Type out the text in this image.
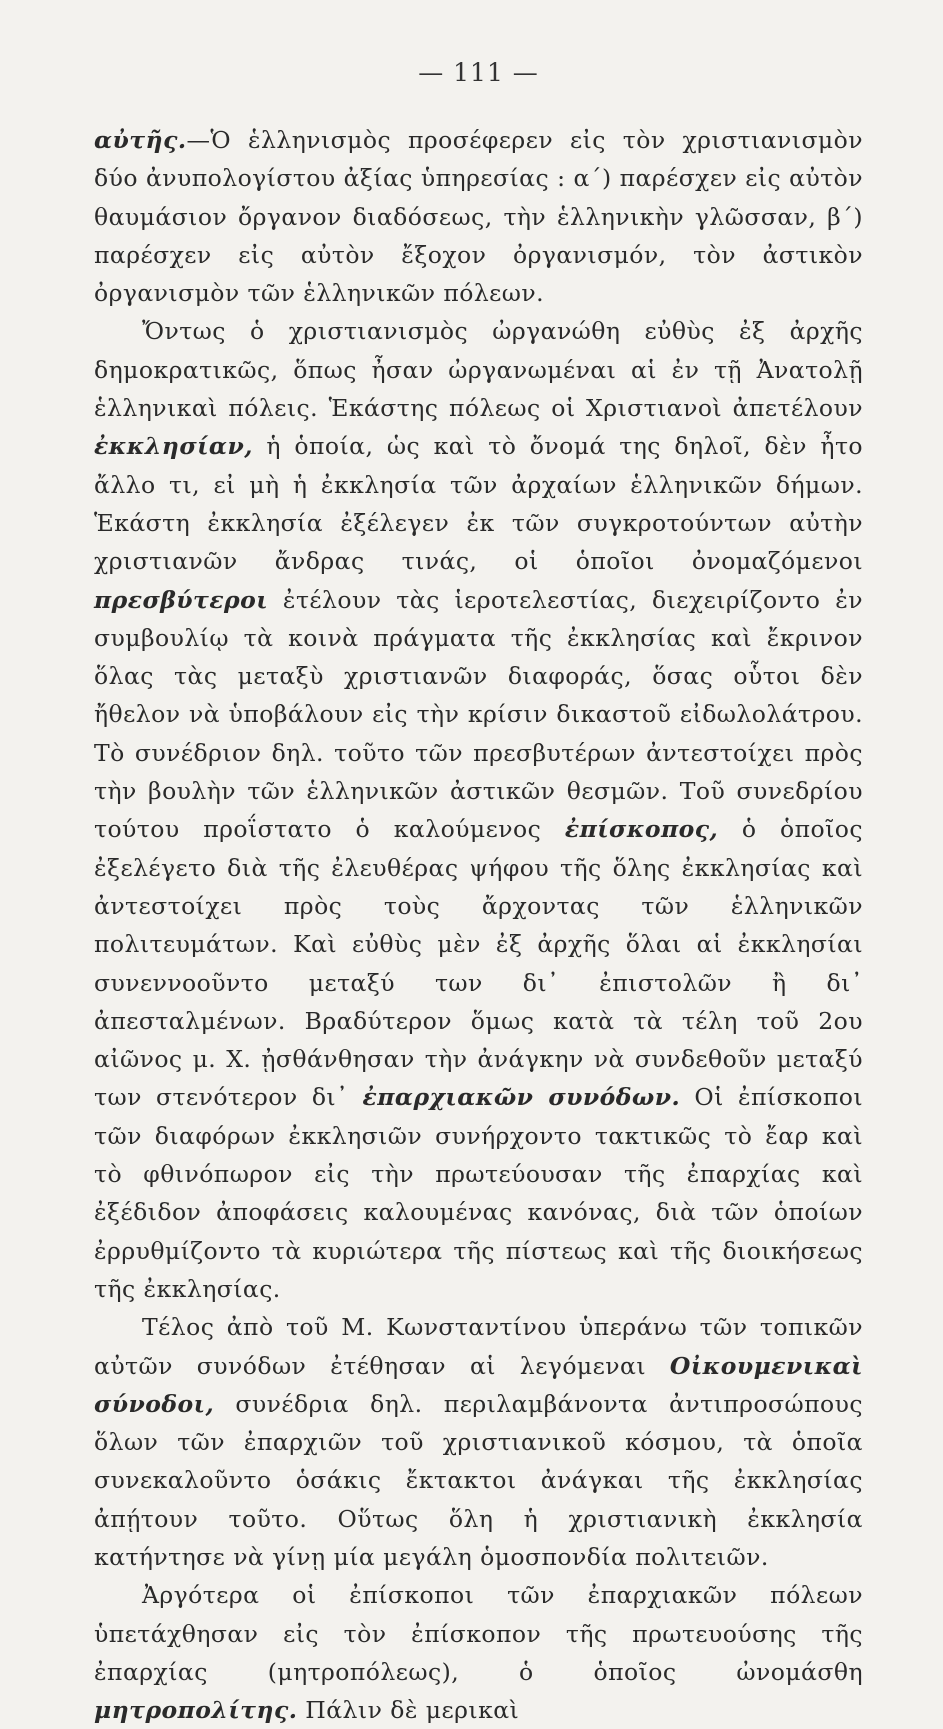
— 111 —

αὐτῆς.—Ὁ ἑλληνισμὸς προσέφερεν εἰς τὸν χριστιανισμὸν δύο ἀνυπολογίστου ἀξίας ὑπηρεσίας : α΄) παρέσχεν εἰς αὐτὸν θαυμάσιον ὄργανον διαδόσεως, τὴν ἑλληνικὴν γλῶσσαν, β΄) παρέσχεν εἰς αὐτὸν ἔξοχον ὀργανισμόν, τὸν ἀστικὸν ὀργανισμὸν τῶν ἑλληνικῶν πόλεων.

Ὄντως ὁ χριστιανισμὸς ὠργανώθη εὐθὺς ἐξ ἀρχῆς δημοκρατικῶς, ὅπως ἦσαν ὠργανωμέναι αἱ ἐν τῇ Ἀνατολῇ ἑλληνικαὶ πόλεις. Ἑκάστης πόλεως οἱ Χριστιανοὶ ἀπετέλουν ἐκκλησίαν, ἡ ὁποία, ὡς καὶ τὸ ὄνομά της δηλοῖ, δὲν ἦτο ἄλλο τι, εἰ μὴ ἡ ἐκκλησία τῶν ἀρχαίων ἑλληνικῶν δήμων. Ἑκάστη ἐκκλησία ἐξέλεγεν ἐκ τῶν συγκροτούντων αὐτὴν χριστιανῶν ἄνδρας τινάς, οἱ ὁποῖοι ὀνομαζόμενοι πρεσβύτεροι ἐτέλουν τὰς ἱεροτελεστίας, διεχειρίζοντο ἐν συμβουλίῳ τὰ κοινὰ πράγματα τῆς ἐκκλησίας καὶ ἔκρινον ὅλας τὰς μεταξὺ χριστιανῶν διαφοράς, ὅσας οὗτοι δὲν ἤθελον νὰ ὑποβάλουν εἰς τὴν κρίσιν δικαστοῦ εἰδωλολάτρου. Τὸ συνέδριον δηλ. τοῦτο τῶν πρεσβυτέρων ἀντεστοίχει πρὸς τὴν βουλὴν τῶν ἑλληνικῶν ἀστικῶν θεσμῶν. Τοῦ συνεδρίου τούτου προΐστατο ὁ καλούμενος ἐπίσκοπος, ὁ ὁποῖος ἐξελέγετο διὰ τῆς ἐλευθέρας ψήφου τῆς ὅλης ἐκκλησίας καὶ ἀντεστοίχει πρὸς τοὺς ἄρχοντας τῶν ἑλληνικῶν πολιτευμάτων. Καὶ εὐθὺς μὲν ἐξ ἀρχῆς ὅλαι αἱ ἐκκλησίαι συνεννοοῦντο μεταξύ των δι᾽ ἐπιστολῶν ἢ δι᾽ ἀπεσταλμένων. Βραδύτερον ὅμως κατὰ τὰ τέλη τοῦ 2ου αἰῶνος μ. Χ. ᾐσθάνθησαν τὴν ἀνάγκην νὰ συνδεθοῦν μεταξύ των στενότερον δι᾽ ἐπαρχιακῶν συνόδων. Οἱ ἐπίσκοποι τῶν διαφόρων ἐκκλησιῶν συνήρχοντο τακτικῶς τὸ ἔαρ καὶ τὸ φθινόπωρον εἰς τὴν πρωτεύουσαν τῆς ἐπαρχίας καὶ ἐξέδιδον ἀποφάσεις καλουμένας κανόνας, διὰ τῶν ὁποίων ἐρρυθμίζοντο τὰ κυριώτερα τῆς πίστεως καὶ τῆς διοικήσεως τῆς ἐκκλησίας.

Τέλος ἀπὸ τοῦ Μ. Κωνσταντίνου ὑπεράνω τῶν τοπικῶν αὐτῶν συνόδων ἐτέθησαν αἱ λεγόμεναι Οἰκουμενικαὶ σύνοδοι, συνέδρια δηλ. περιλαμβάνοντα ἀντιπροσώπους ὅλων τῶν ἐπαρχιῶν τοῦ χριστιανικοῦ κόσμου, τὰ ὁποῖα συνεκαλοῦντο ὁσάκις ἔκτακτοι ἀνάγκαι τῆς ἐκκλησίας ἀπῄτουν τοῦτο. Οὕτως ὅλη ἡ χριστιανικὴ ἐκκλησία κατήντησε νὰ γίνῃ μία μεγάλη ὁμοσπονδία πολιτειῶν.

Ἀργότερα οἱ ἐπίσκοποι τῶν ἐπαρχιακῶν πόλεων ὑπετάχθησαν εἰς τὸν ἐπίσκοπον τῆς πρωτευούσης τῆς ἐπαρχίας (μητροπόλεως), ὁ ὁποῖος ὠνομάσθη μητροπολίτης. Πάλιν δὲ μερικαὶ
